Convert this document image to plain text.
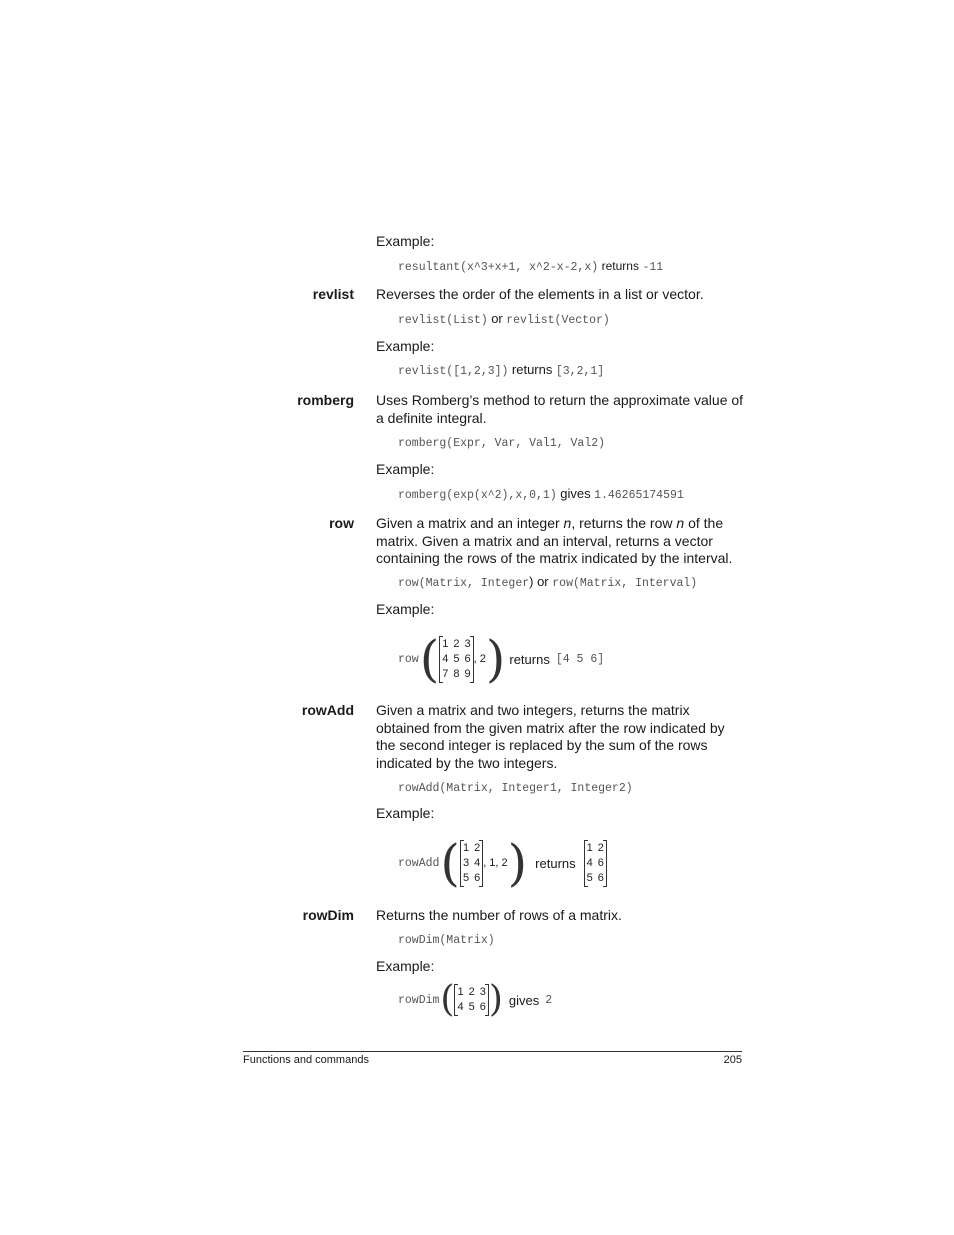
Example:
resultant(x^3+x+1, x^2-x-2,x) returns -11
revlist Reverses the order of the elements in a list or vector.
revlist(List) or revlist(Vector)
Example:
revlist([1,2,3]) returns [3,2,1]
romberg Uses Romberg’s method to return the approximate value of a definite integral.
romberg(Expr, Var, Val1, Val2)
Example:
romberg(exp(x^2),x,0,1) gives 1.46265174591
row Given a matrix and an integer n, returns the row n of the matrix. Given a matrix and an interval, returns a vector containing the rows of the matrix indicated by the interval.
row(Matrix, Integer) or row(Matrix, Interval)
Example:
row ( 1 2 3
4 5 6
7 8 9
, 2 ) returns [4 5 6]
rowAdd Given a matrix and two integers, returns the matrix obtained from the given matrix after the row indicated by the second integer is replaced by the sum of the rows indicated by the two integers.
rowAdd(Matrix, Integer1, Integer2)
Example:
rowAdd ( 1 2
3 4
5 6
, 1, 2 ) returns
1 2
4 6
5 6
rowDim Returns the number of rows of a matrix.
rowDim(Matrix)
Example:
rowDim ( 1 2 3
4 5 6 ) gives 2
Functions and commands	205
